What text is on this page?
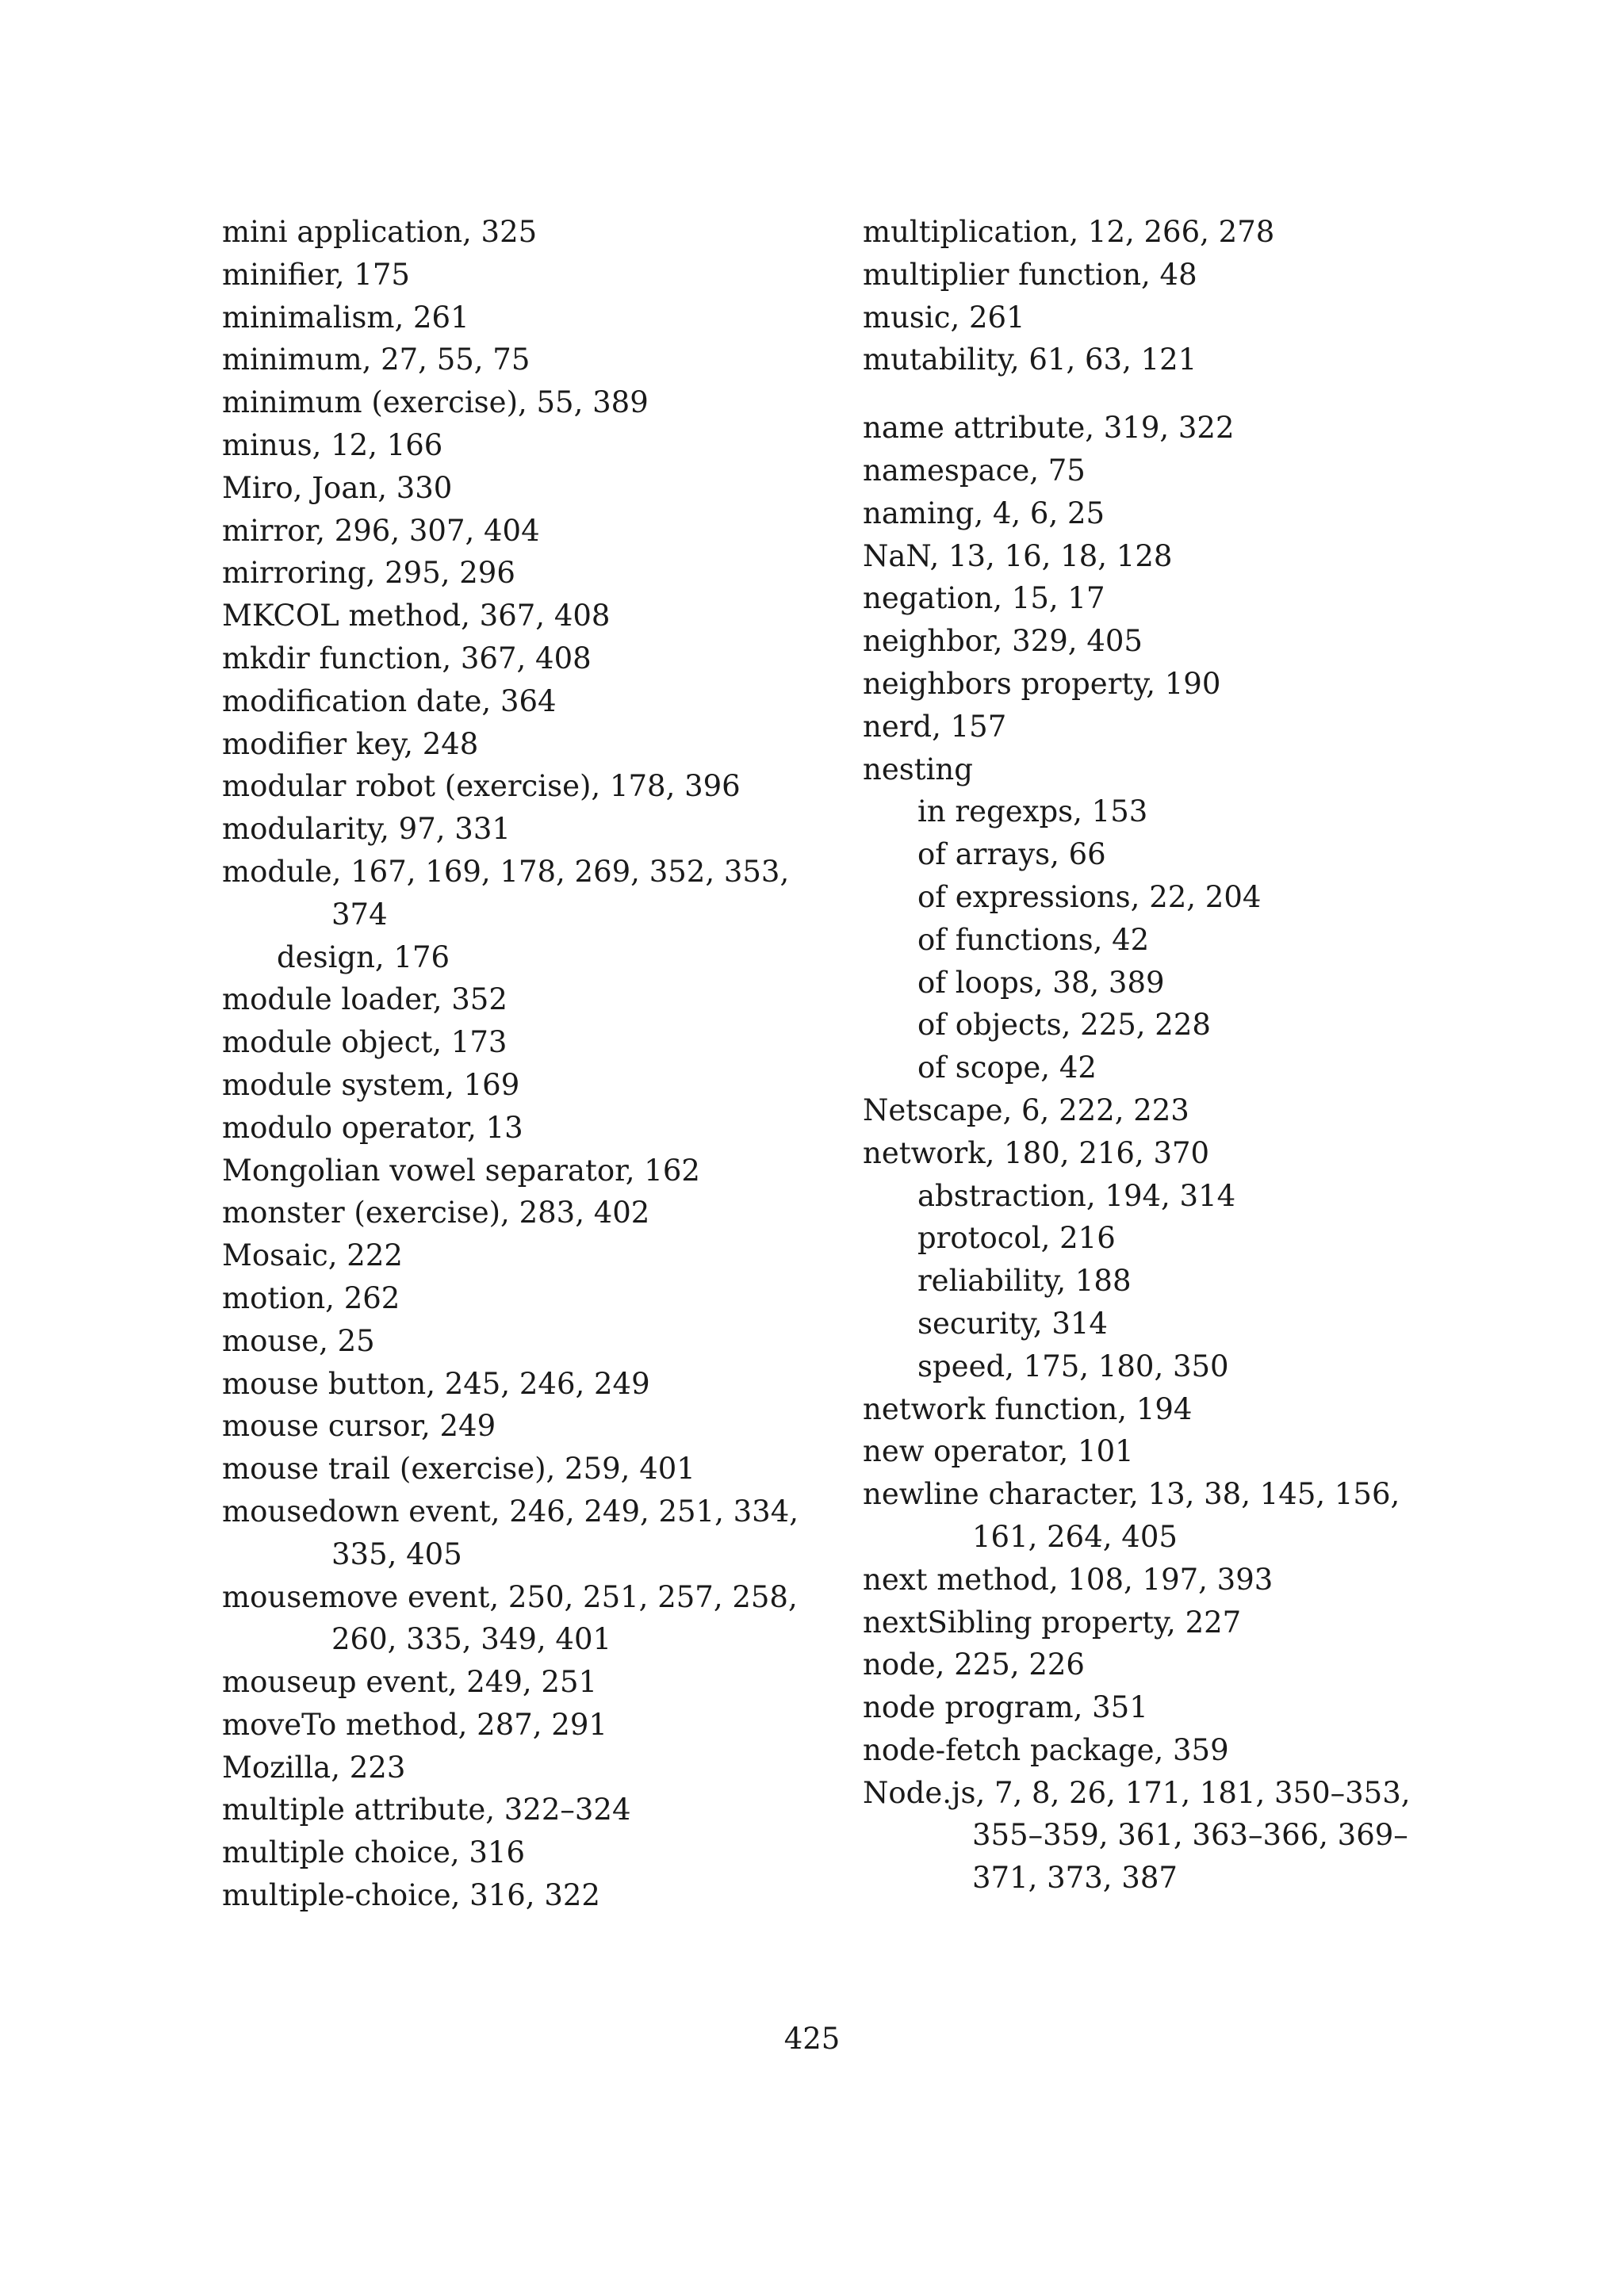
mini application, 325
minifier, 175
minimalism, 261
minimum, 27, 55, 75
minimum (exercise), 55, 389
minus, 12, 166
Miro, Joan, 330
mirror, 296, 307, 404
mirroring, 295, 296
MKCOL method, 367, 408
mkdir function, 367, 408
modification date, 364
modifier key, 248
modular robot (exercise), 178, 396
modularity, 97, 331
module, 167, 169, 178, 269, 352, 353,
374
design, 176
module loader, 352
module object, 173
module system, 169
modulo operator, 13
Mongolian vowel separator, 162
monster (exercise), 283, 402
Mosaic, 222
motion, 262
mouse, 25
mouse button, 245, 246, 249
mouse cursor, 249
mouse trail (exercise), 259, 401
mousedown event, 246, 249, 251, 334,
335, 405
mousemove event, 250, 251, 257, 258,
260, 335, 349, 401
mouseup event, 249, 251
moveTo method, 287, 291
Mozilla, 223
multiple attribute, 322–324
multiple choice, 316
multiple-choice, 316, 322
multiplication, 12, 266, 278
multiplier function, 48
music, 261
mutability, 61, 63, 121
name attribute, 319, 322
namespace, 75
naming, 4, 6, 25
NaN, 13, 16, 18, 128
negation, 15, 17
neighbor, 329, 405
neighbors property, 190
nerd, 157
nesting
in regexps, 153
of arrays, 66
of expressions, 22, 204
of functions, 42
of loops, 38, 389
of objects, 225, 228
of scope, 42
Netscape, 6, 222, 223
network, 180, 216, 370
abstraction, 194, 314
protocol, 216
reliability, 188
security, 314
speed, 175, 180, 350
network function, 194
new operator, 101
newline character, 13, 38, 145, 156,
161, 264, 405
next method, 108, 197, 393
nextSibling property, 227
node, 225, 226
node program, 351
node-fetch package, 359
Node.js, 7, 8, 26, 171, 181, 350–353,
355–359, 361, 363–366, 369–
371, 373, 387
425
